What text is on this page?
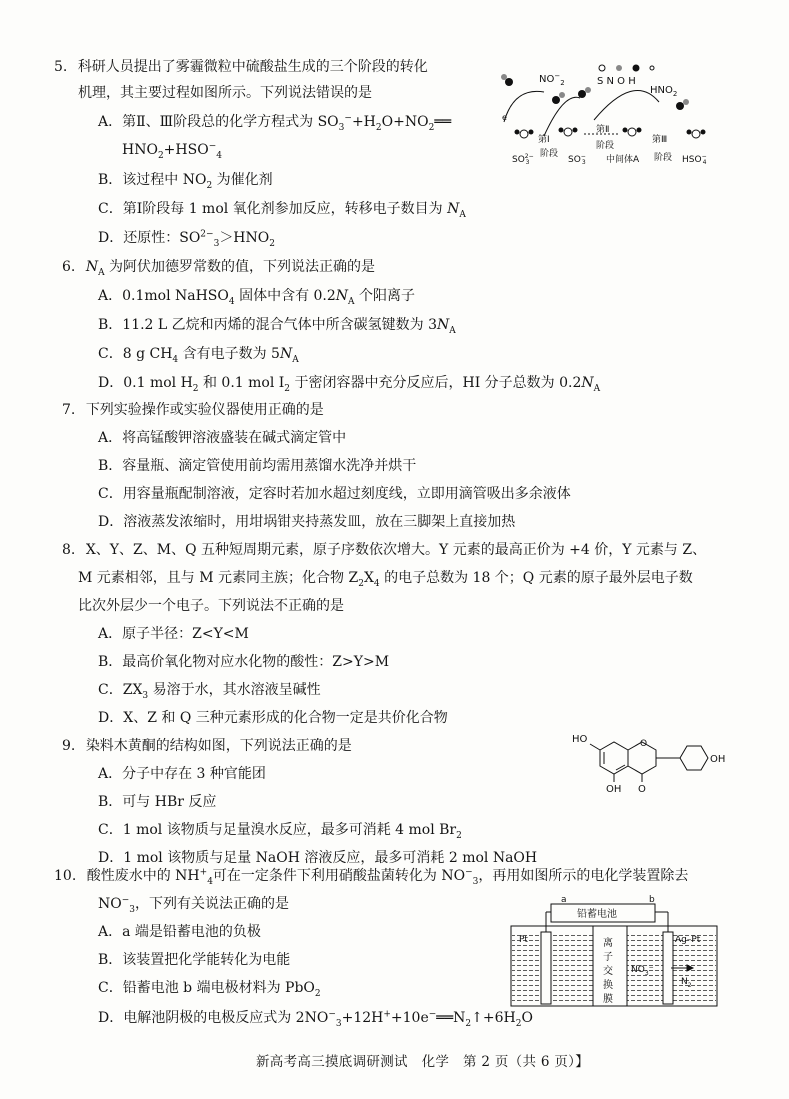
5. 科研人员提出了雾霾微粒中硫酸盐生成的三个阶段的转化
机理，其主要过程如图所示。下列说法错误的是
A．第Ⅱ、Ⅲ阶段总的化学方程式为 $SO_3^-+H_2O+NO_2══$
$HNO_2+HSO^-_4$
B．该过程中 $NO_2$ 为催化剂
C．第Ⅰ阶段每 1 mol 氧化剂参加反应，转移电子数目为 $N_A$
D．还原性：$SO^{2-}_3>HNO_2$
S N O H
$NO^-_2$
$HNO_2$
e
第Ⅰ
阶段
第Ⅱ
阶段
第Ⅲ
阶段
$SO^{2-}$ 3	SO− 3 中间体A	HSO− 4
6. $N_A$ 为阿伏加德罗常数的值，下列说法正确的是
A．0.1mol NaHSO$_4$ 固体中含有 $0.2N_A$ 个阳离子
B．11.2 L 乙烷和丙烯的混合气体中所含碳氢键数为 $3N_A$
C．8 g $CH_4$ 含有电子数为 $5N_A$
D．0.1 mol $H_2$ 和 0.1 mol $I_2$ 于密闭容器中充分反应后，HI 分子总数为 $0.2N_A$
7. 下列实验操作或实验仪器使用正确的是
A．将高锰酸钾溶液盛装在碱式滴定管中
B．容量瓶、滴定管使用前均需用蒸馏水洗净并烘干
C．用容量瓶配制溶液，定容时若加水超过刻度线，立即用滴管吸出多余液体
D．溶液蒸发浓缩时，用坩埚钳夹持蒸发皿，放在三脚架上直接加热
8. X、Y、Z、M、Q 五种短周期元素，原子序数依次增大。Y 元素的最高正价为 +4 价，Y 元素与 Z、
M 元素相邻，且与 M 元素同主族；化合物 $Z_2X_4$ 的电子总数为 18 个；Q 元素的原子最外层电子数
比次外层少一个电子。下列说法不正确的是
A．原子半径：Z<Y<M
B．最高价氧化物对应水化物的酸性：Z>Y>M
C．$ZX_3$ 易溶于水，其水溶液呈碱性
D．X、Z 和 Q 三种元素形成的化合物一定是共价化合物
9. 染料木黄酮的结构如图，下列说法正确的是
A．分子中存在 3 种官能团
B．可与 HBr 反应
C．1 mol 该物质与足量溴水反应，最多可消耗 4 mol $Br_2$
D．1 mol 该物质与足量 NaOH 溶液反应，最多可消耗 2 mol NaOH
HO	O
OH
OH O
10. 酸性废水中的 $NH^+_4$可在一定条件下利用硝酸盐菌转化为 $NO^-_3$，再用如图所示的电化学装置除去
$NO^-_3$，下列有关说法正确的是
A．a 端是铅蓄电池的负极
B．该装置把化学能转化为电能
C．铅蓄电池 b 端电极材料为 PbO$_2$
D．电解池阴极的电极反应式为 $2NO^-_3+12H^++10e^-══N_2↑+6H_2O$
铅蓄电池
a	b
Pt	Ag–Pt
离
子
交
换
膜
$NO_3^-$
$N_2$
新高考高三摸底调研测试　化学　第 2 页（共 6 页）】
